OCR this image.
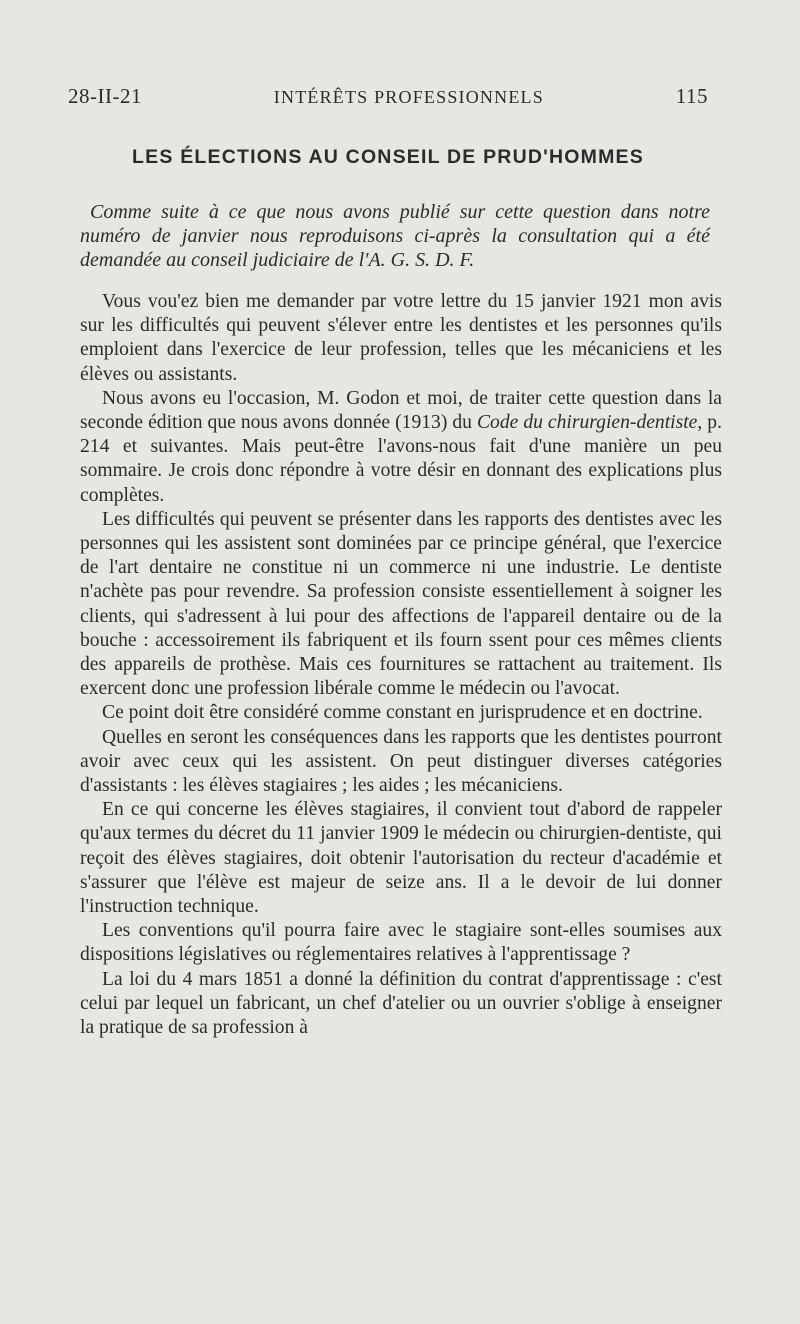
28-II-21	INTÉRÊTS PROFESSIONNELS	115
LES ÉLECTIONS AU CONSEIL DE PRUD'HOMMES
Comme suite à ce que nous avons publié sur cette question dans notre numéro de janvier nous reproduisons ci-après la consultation qui a été demandée au conseil judiciaire de l'A. G. S. D. F.

Vous vou'ez bien me demander par votre lettre du 15 janvier 1921 mon avis sur les difficultés qui peuvent s'élever entre les dentistes et les personnes qu'ils emploient dans l'exercice de leur profession, telles que les mécaniciens et les élèves ou assistants.

Nous avons eu l'occasion, M. Godon et moi, de traiter cette question dans la seconde édition que nous avons donnée (1913) du Code du chirurgien-dentiste, p. 214 et suivantes. Mais peut-être l'avons-nous fait d'une manière un peu sommaire. Je crois donc répondre à votre désir en donnant des explications plus complètes.

Les difficultés qui peuvent se présenter dans les rapports des dentistes avec les personnes qui les assistent sont dominées par ce principe général, que l'exercice de l'art dentaire ne constitue ni un commerce ni une industrie. Le dentiste n'achète pas pour revendre. Sa profession consiste essentiellement à soigner les clients, qui s'adressent à lui pour des affections de l'appareil dentaire ou de la bouche : accessoirement ils fabriquent et ils fourn ssent pour ces mêmes clients des appareils de prothèse. Mais ces fournitures se rattachent au traitement. Ils exercent donc une profession libérale comme le médecin ou l'avocat.

Ce point doit être considéré comme constant en jurisprudence et en doctrine.

Quelles en seront les conséquences dans les rapports que les dentistes pourront avoir avec ceux qui les assistent. On peut distinguer diverses catégories d'assistants : les élèves stagiaires ; les aides ; les mécaniciens.

En ce qui concerne les élèves stagiaires, il convient tout d'abord de rappeler qu'aux termes du décret du 11 janvier 1909 le médecin ou chirurgien-dentiste, qui reçoit des élèves stagiaires, doit obtenir l'autorisation du recteur d'académie et s'assurer que l'élève est majeur de seize ans. Il a le devoir de lui donner l'instruction technique.

Les conventions qu'il pourra faire avec le stagiaire sont-elles soumises aux dispositions législatives ou réglementaires relatives à l'apprentissage ?

La loi du 4 mars 1851 a donné la définition du contrat d'apprentissage : c'est celui par lequel un fabricant, un chef d'atelier ou un ouvrier s'oblige à enseigner la pratique de sa profession à
